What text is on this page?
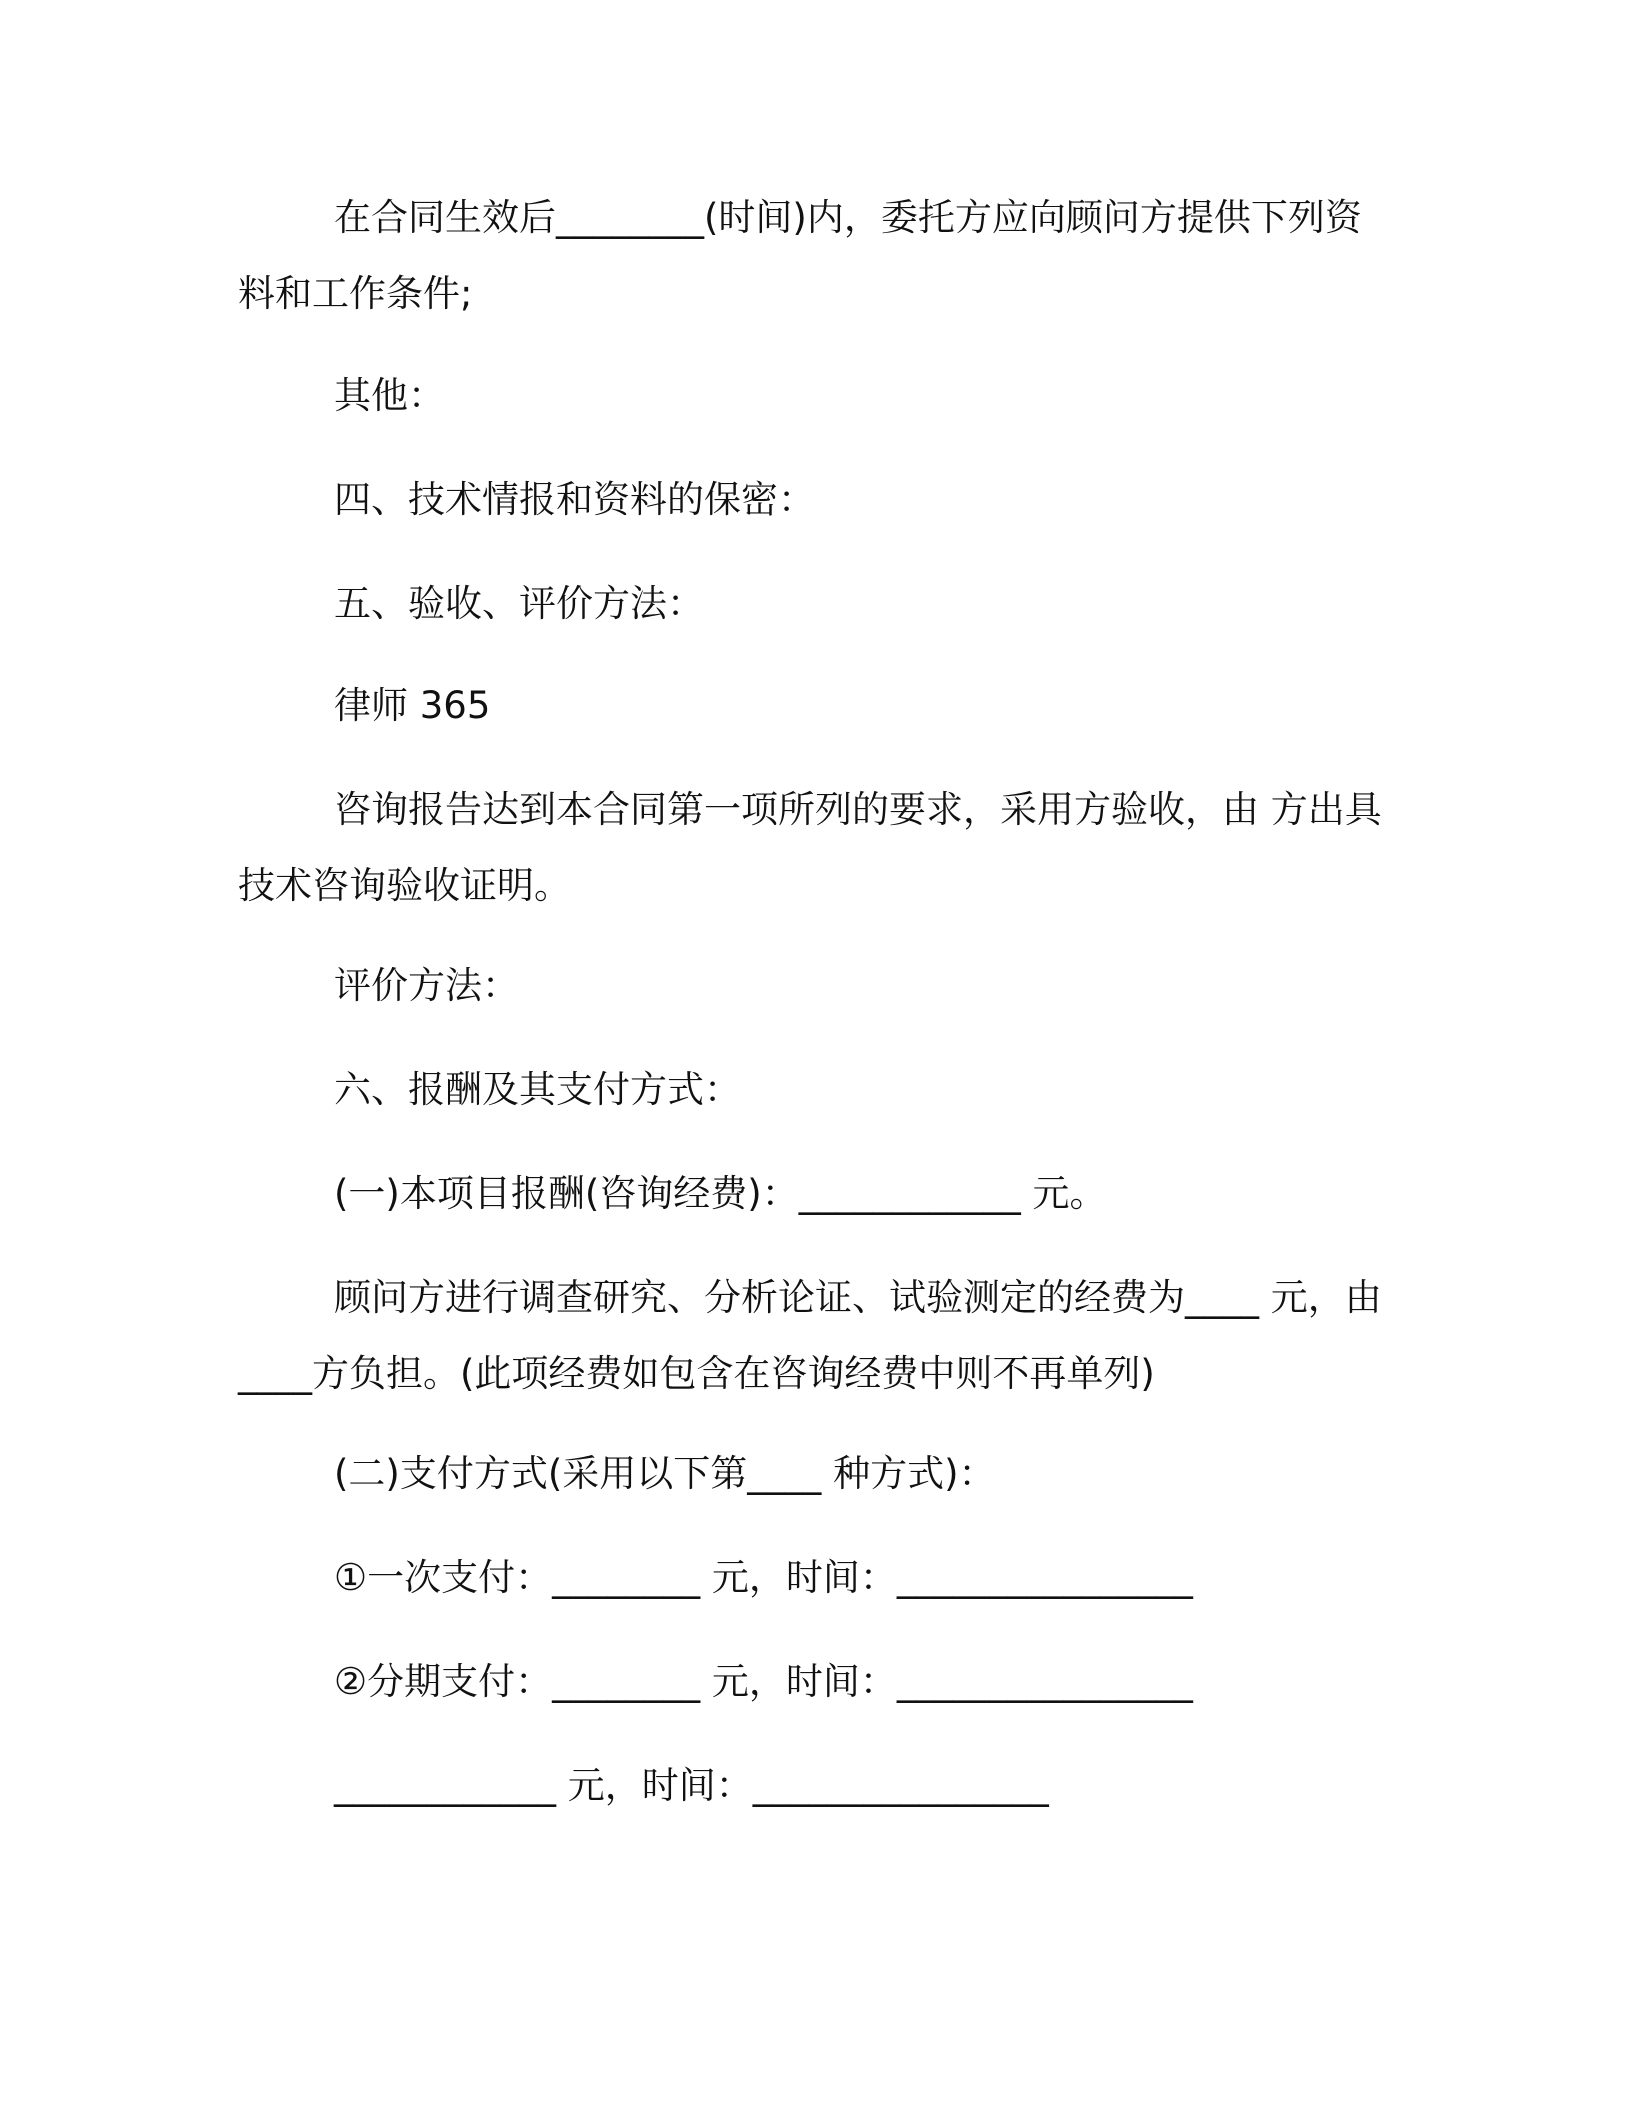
在合同生效后________(时间)内，委托方应向顾问方提供下列资料和工作条件;

其他：

四、技术情报和资料的保密：

五、验收、评价方法：

律师 365

咨询报告达到本合同第一项所列的要求，采用方验收，由 方出具技术咨询验收证明。

评价方法：

六、报酬及其支付方式：

(一)本项目报酬(咨询经费)：____________ 元。

顾问方进行调查研究、分析论证、试验测定的经费为____ 元，由____方负担。(此项经费如包含在咨询经费中则不再单列)

(二)支付方式(采用以下第____ 种方式)：

①一次支付：________ 元，时间：________________

②分期支付：________ 元，时间：________________

____________ 元，时间：________________
